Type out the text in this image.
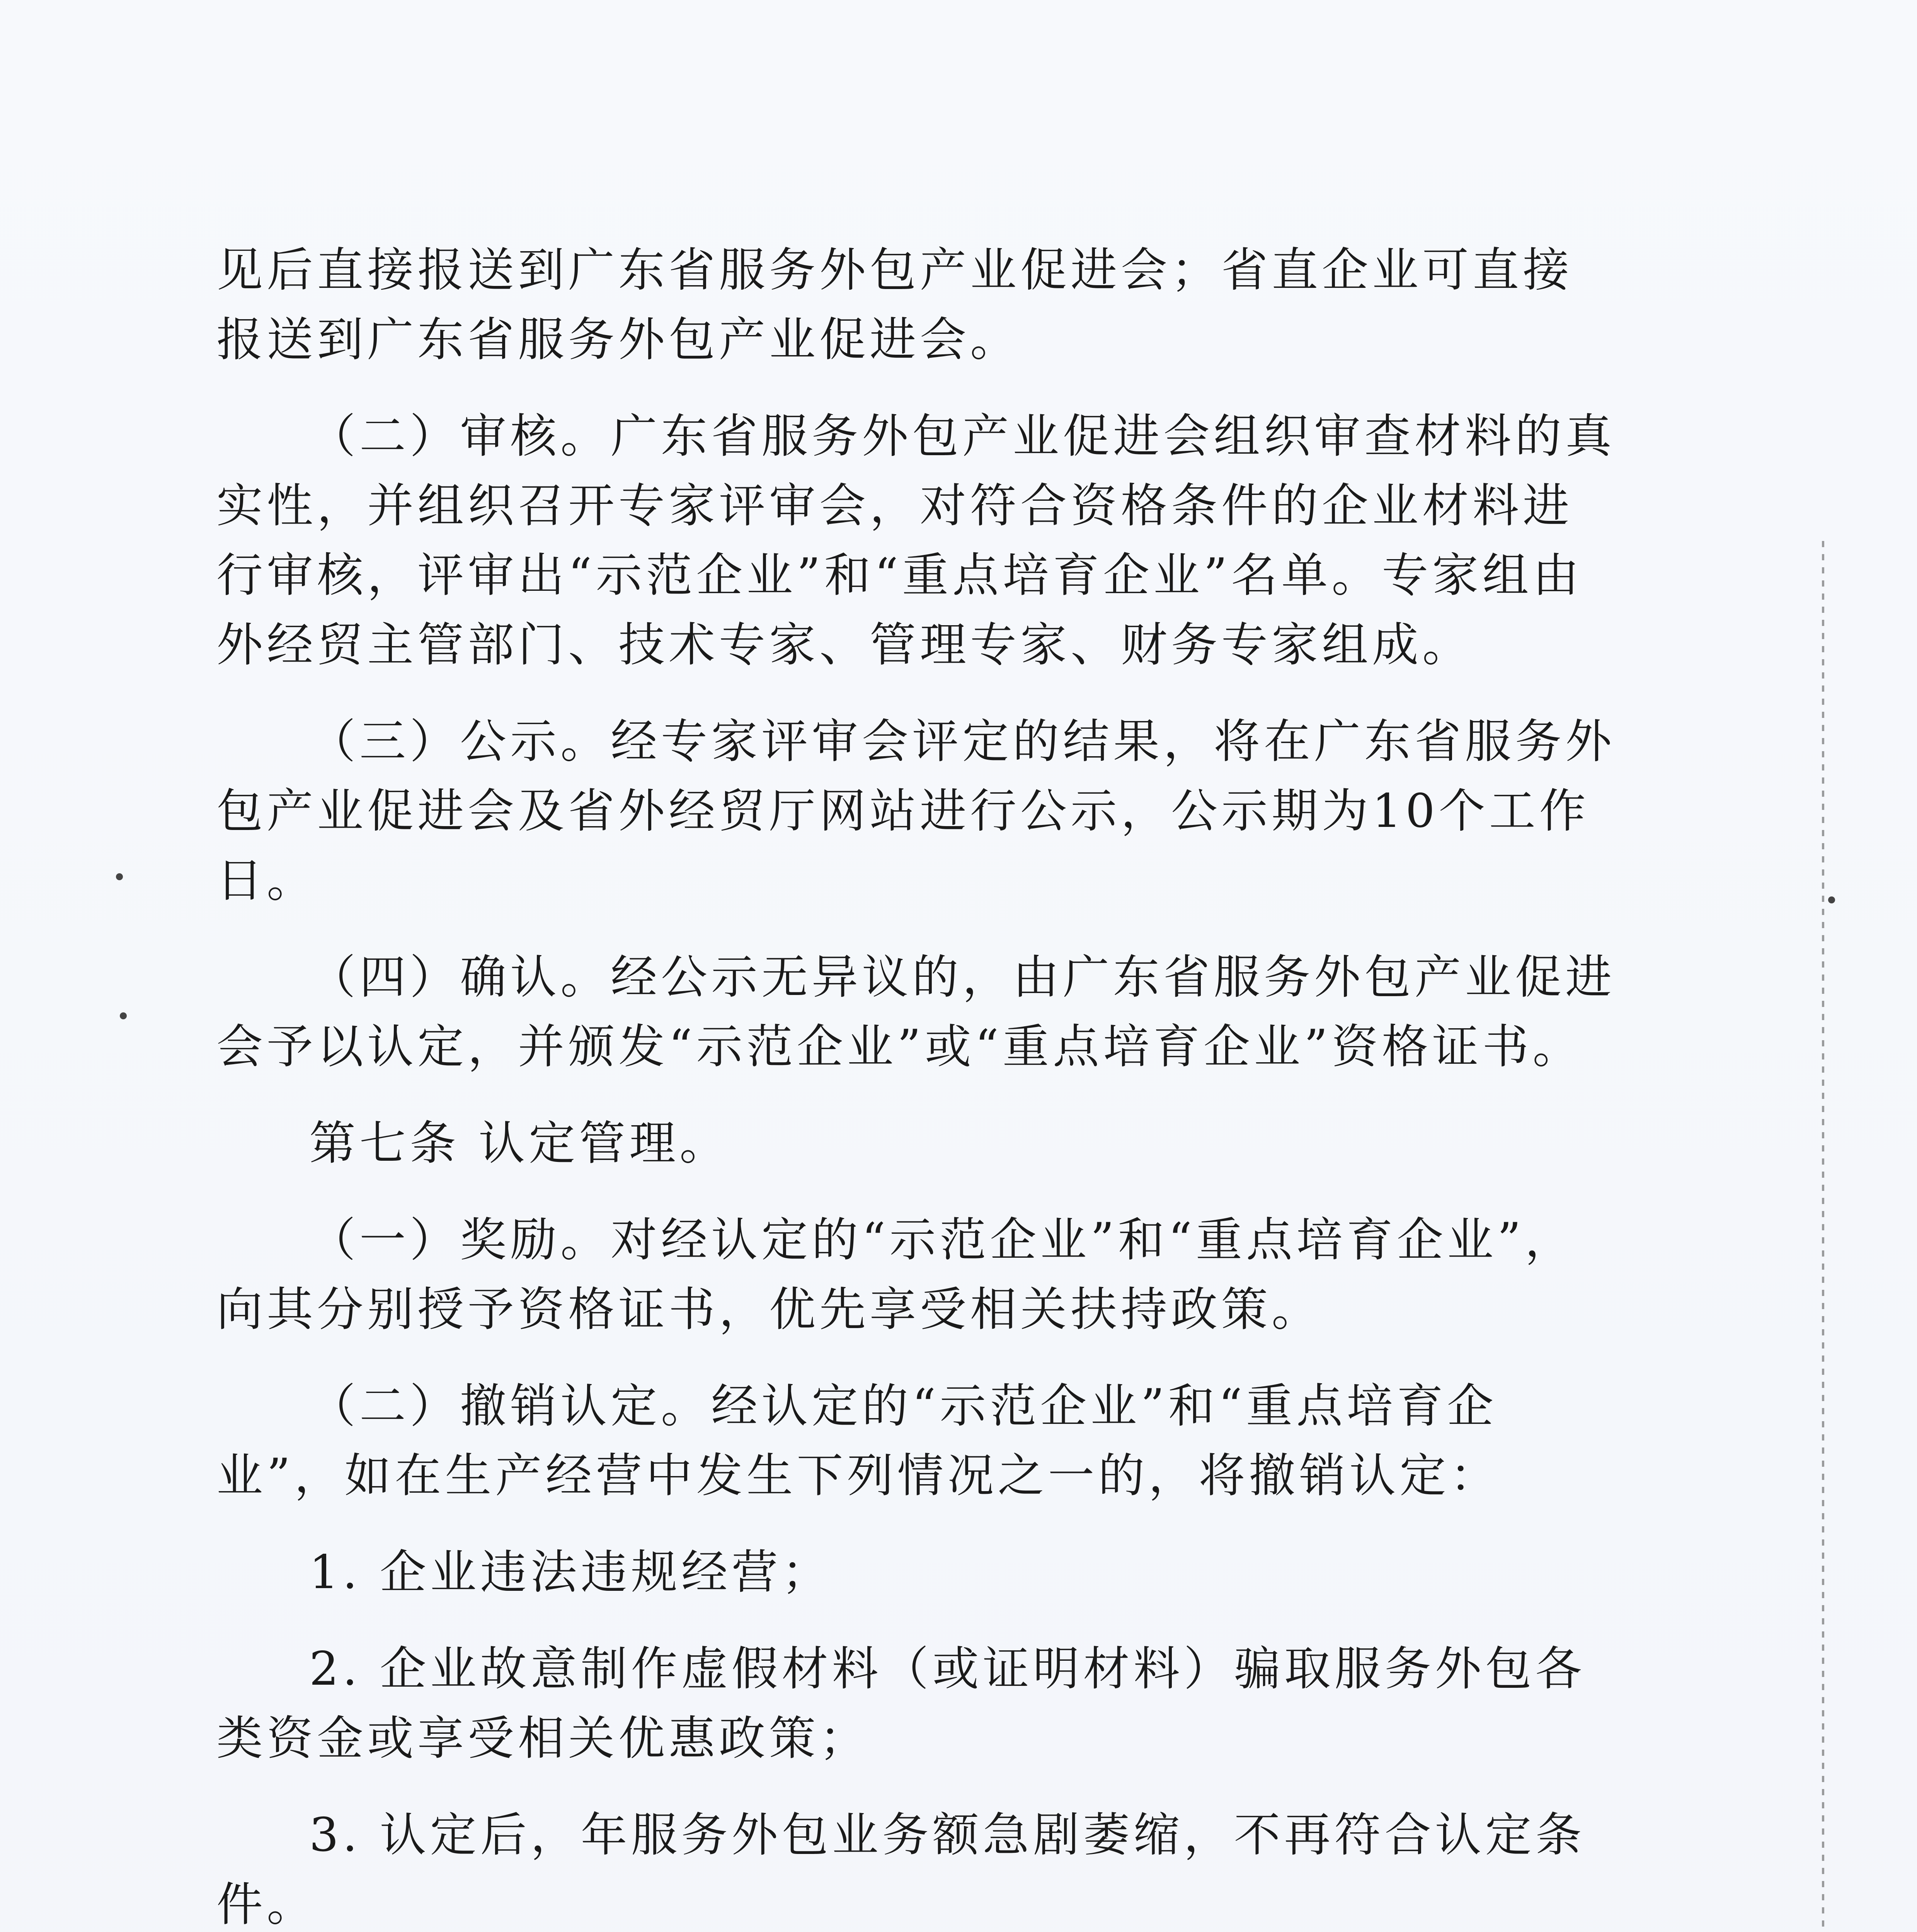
见后直接报送到广东省服务外包产业促进会；省直企业可直接报送到广东省服务外包产业促进会。

（二）审核。广东省服务外包产业促进会组织审查材料的真实性，并组织召开专家评审会，对符合资格条件的企业材料进行审核，评审出“示范企业”和“重点培育企业”名单。专家组由外经贸主管部门、技术专家、管理专家、财务专家组成。

（三）公示。经专家评审会评定的结果，将在广东省服务外包产业促进会及省外经贸厅网站进行公示，公示期为10个工作日。

（四）确认。经公示无异议的，由广东省服务外包产业促进会予以认定，并颁发“示范企业”或“重点培育企业”资格证书。

第七条 认定管理。

（一）奖励。对经认定的“示范企业”和“重点培育企业”，向其分别授予资格证书，优先享受相关扶持政策。

（二）撤销认定。经认定的“示范企业”和“重点培育企业”，如在生产经营中发生下列情况之一的，将撤销认定：

1. 企业违法违规经营；

2. 企业故意制作虚假材料（或证明材料）骗取服务外包各类资金或享受相关优惠政策；

3. 认定后，年服务外包业务额急剧萎缩，不再符合认定条件。
